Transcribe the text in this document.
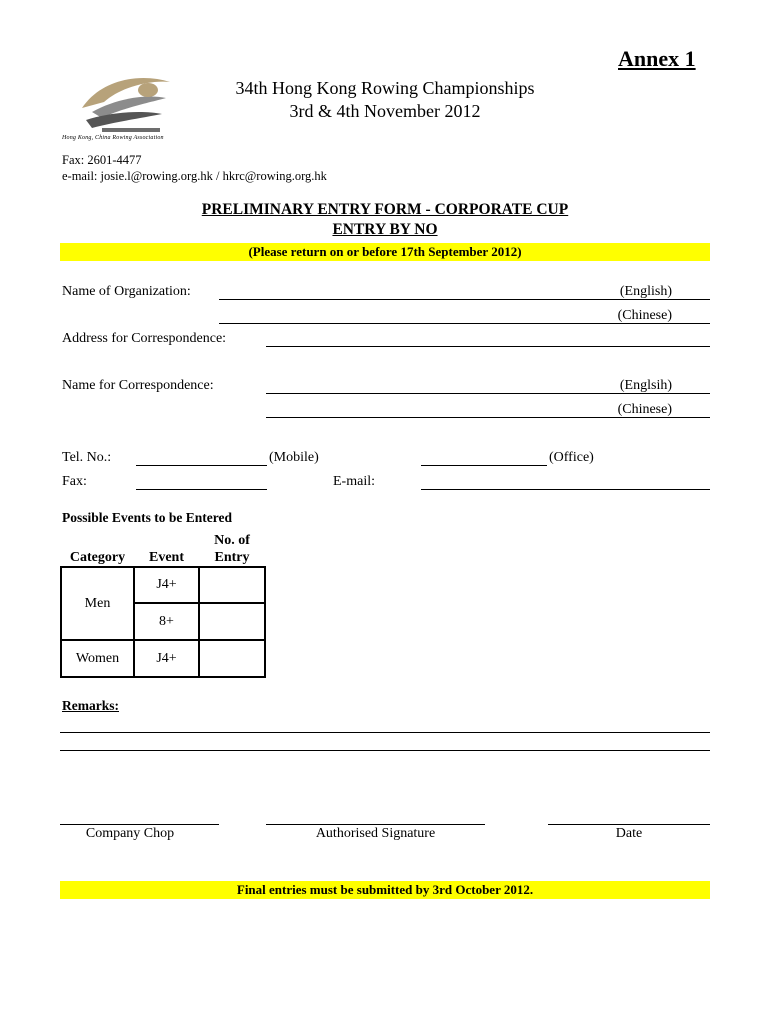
Annex 1
Hong Kong, China Rowing Association
34th Hong Kong Rowing Championships
3rd & 4th November 2012
Fax: 2601-4477
e-mail: josie.l@rowing.org.hk / hkrc@rowing.org.hk
PRELIMINARY ENTRY FORM - CORPORATE CUP
ENTRY BY NO
(Please return on or before 17th September 2012)
Name of Organization:	(English)
(Chinese)
Address for Correspondence:
Name for Correspondence:	(Englsih)
(Chinese)
Tel. No.:	(Mobile)	(Office)
Fax:	E-mail:
Possible Events to be Entered
Category	Event	No. of Entry
Men	J4+	
	8+	
Women	J4+	
Remarks:
Company Chop	Authorised Signature	Date
Final entries must be submitted by 3rd October 2012.
